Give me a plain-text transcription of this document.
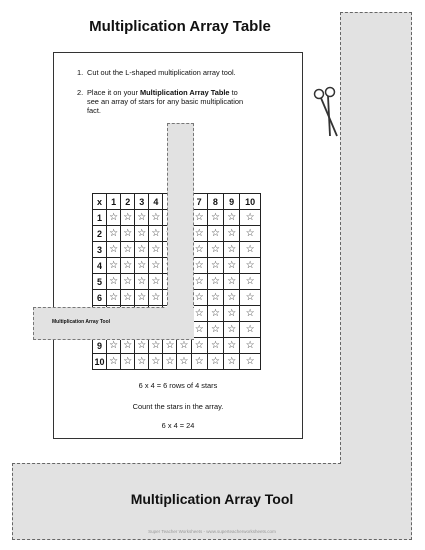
Multiplication Array Table
1. Cut out the L-shaped multiplication array tool.
2. Place it on your Multiplication Array Table to
see an array of stars for any basic multiplication
fact.
x	1	2	3	4			7	8	9	10
1	☆	☆	☆	☆			☆	☆	☆	☆
2	☆	☆	☆	☆			☆	☆	☆	☆
3	☆	☆	☆	☆			☆	☆	☆	☆
4	☆	☆	☆	☆			☆	☆	☆	☆
5	☆	☆	☆	☆			☆	☆	☆	☆
6	☆	☆	☆	☆			☆	☆	☆	☆
							☆	☆	☆	☆
							☆	☆	☆	☆
9	☆	☆	☆	☆	☆	☆	☆	☆	☆	☆
10	☆	☆	☆	☆	☆	☆	☆	☆	☆	☆
Multiplication Array Tool
6 x 4 = 6 rows of 4 stars
Count the stars in the array.
6 x 4 = 24
Multiplication Array Tool
Super Teacher Worksheets - www.superteacherworksheets.com
